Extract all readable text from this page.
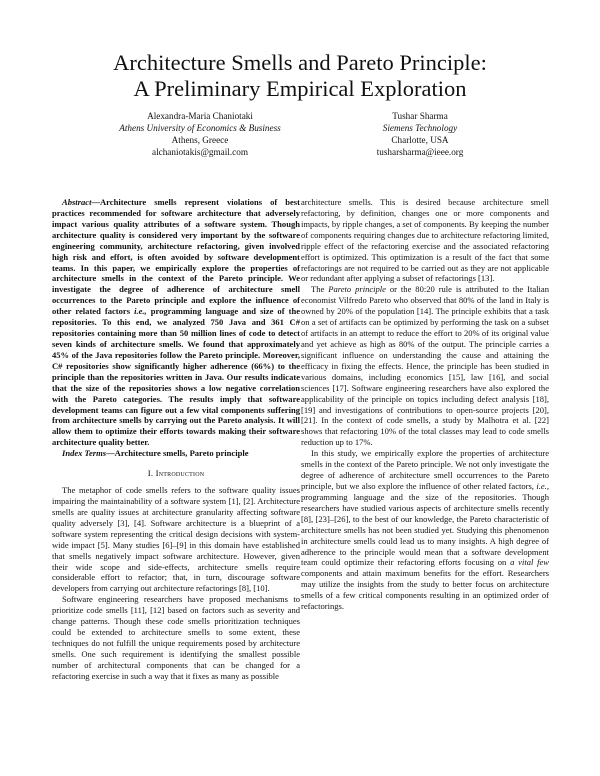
Architecture Smells and Pareto Principle:
A Preliminary Empirical Exploration
Alexandra-Maria Chaniotaki
Athens University of Economics & Business
Athens, Greece
alchaniotakis@gmail.com
Tushar Sharma
Siemens Technology
Charlotte, USA
tusharsharma@ieee.org

Abstract—Architecture smells represent violations of best practices recommended for software architecture that adversely impact various quality attributes of a software system. Though architecture quality is considered very important by the software engineering community, architecture refactoring, given involved high risk and effort, is often avoided by software development teams. In this paper, we empirically explore the properties of architecture smells in the context of the Pareto principle. We investigate the degree of adherence of architecture smell occurrences to the Pareto principle and explore the influence of other related factors i.e., programming language and size of the repositories. To this end, we analyzed 750 Java and 361 C# repositories containing more than 50 million lines of code to detect seven kinds of architecture smells. We found that approximately 45% of the Java repositories follow the Pareto principle. Moreover, C# repositories show significantly higher adherence (66%) to the principle than the repositories written in Java. Our results indicate that the size of the repositories shows a low negative correlation with the Pareto categories. The results imply that software development teams can figure out a few vital components suffering from architecture smells by carrying out the Pareto analysis. It will allow them to optimize their efforts towards making their software architecture quality better.

Index Terms—Architecture smells, Pareto principle

I. Introduction

The metaphor of code smells refers to the software quality issues impairing the maintainability of a software system [1], [2]. Architecture smells are quality issues at architecture granularity affecting software quality adversely [3], [4]. Software architecture is a blueprint of a software system representing the critical design decisions with system-wide impact [5]. Many studies [6]–[9] in this domain have established that smells negatively impact software architecture. However, given their wide scope and side-effects, architecture smells require considerable effort to refactor; that, in turn, discourage software developers from carrying out architecture refactorings [8], [10].

Software engineering researchers have proposed mechanisms to prioritize code smells [11], [12] based on factors such as severity and change patterns. Though these code smells prioritization techniques could be extended to architecture smells to some extent, these techniques do not fulfill the unique requirements posed by architecture smells. One such requirement is identifying the smallest possible number of architectural components that can be changed for a refactoring exercise in such a way that it fixes as many as possible

architecture smells. This is desired because architecture smell refactoring, by definition, changes one or more components and impacts, by ripple changes, a set of components. By keeping the number of components requiring changes due to architecture refactoring limited, ripple effect of the refactoring exercise and the associated refactoring effort is optimized. This optimization is a result of the fact that some refactorings are not required to be carried out as they are not applicable or redundant after applying a subset of refactorings [13].

The Pareto principle or the 80:20 rule is attributed to the Italian economist Vilfredo Pareto who observed that 80% of the land in Italy is owned by 20% of the population [14]. The principle exhibits that a task on a set of artifacts can be optimized by performing the task on a subset of artifacts in an attempt to reduce the effort to 20% of its original value and yet achieve as high as 80% of the output. The principle carries a significant influence on understanding the cause and attaining the efficacy in fixing the effects. Hence, the principle has been studied in various domains, including economics [15], law [16], and social sciences [17]. Software engineering researchers have also explored the applicability of the principle on topics including defect analysis [18], [19] and investigations of contributions to open-source projects [20], [21]. In the context of code smells, a study by Malhotra et al. [22] shows that refactoring 10% of the total classes may lead to code smells reduction up to 17%.

In this study, we empirically explore the properties of architecture smells in the context of the Pareto principle. We not only investigate the degree of adherence of architecture smell occurrences to the Pareto principle, but we also explore the influence of other related factors, i.e., programming language and the size of the repositories. Though researchers have studied various aspects of architecture smells recently [8], [23]–[26], to the best of our knowledge, the Pareto characteristic of architecture smells has not been studied yet. Studying this phenomenon in architecture smells could lead us to many insights. A high degree of adherence to the principle would mean that a software development team could optimize their refactoring efforts focusing on a vital few components and attain maximum benefits for the effort. Researchers may utilize the insights from the study to better focus on architecture smells of a few critical components resulting in an optimized order of refactorings.
